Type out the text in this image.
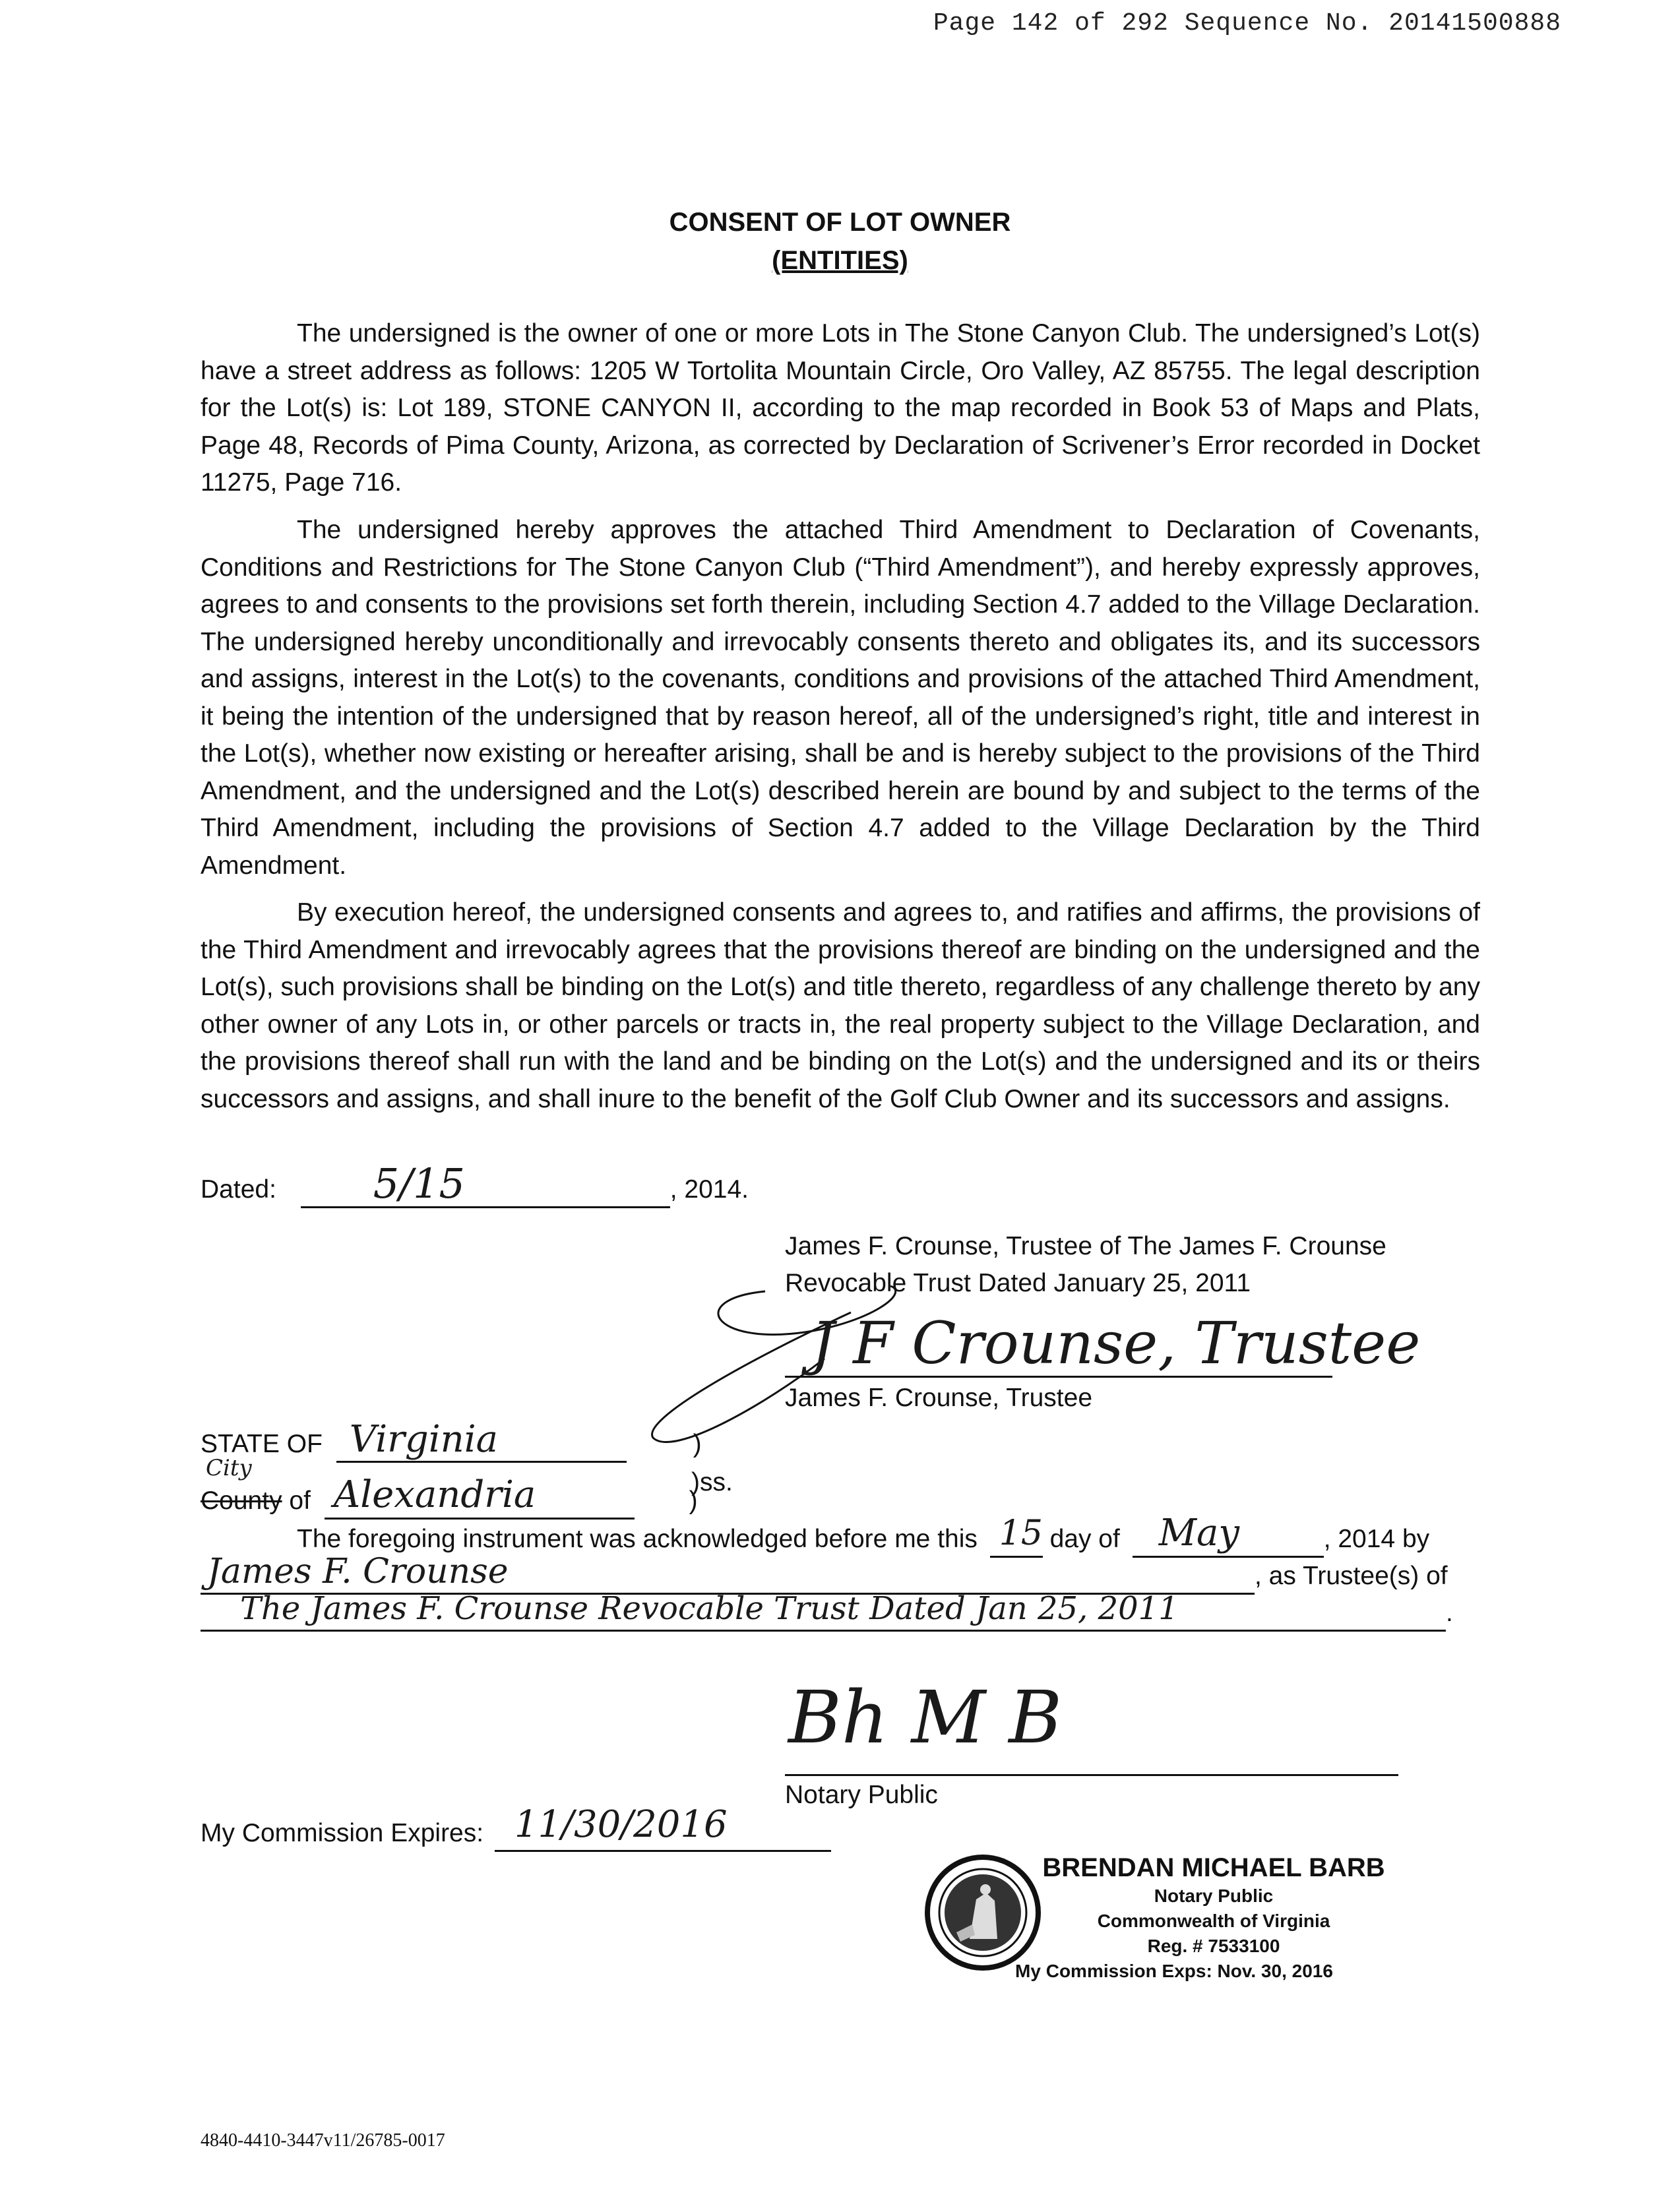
Page 142 of 292 Sequence No. 20141500888
CONSENT OF LOT OWNER
(ENTITIES)

The undersigned is the owner of one or more Lots in The Stone Canyon Club. The undersigned’s Lot(s) have a street address as follows: 1205 W Tortolita Mountain Circle, Oro Valley, AZ 85755. The legal description for the Lot(s) is: Lot 189, STONE CANYON II, according to the map recorded in Book 53 of Maps and Plats, Page 48, Records of Pima County, Arizona, as corrected by Declaration of Scrivener’s Error recorded in Docket 11275, Page 716.

The undersigned hereby approves the attached Third Amendment to Declaration of Covenants, Conditions and Restrictions for The Stone Canyon Club (“Third Amendment”), and hereby expressly approves, agrees to and consents to the provisions set forth therein, including Section 4.7 added to the Village Declaration. The undersigned hereby unconditionally and irrevocably consents thereto and obligates its, and its successors and assigns, interest in the Lot(s) to the covenants, conditions and provisions of the attached Third Amendment, it being the intention of the undersigned that by reason hereof, all of the undersigned’s right, title and interest in the Lot(s), whether now existing or hereafter arising, shall be and is hereby subject to the provisions of the Third Amendment, and the undersigned and the Lot(s) described herein are bound by and subject to the terms of the Third Amendment, including the provisions of Section 4.7 added to the Village Declaration by the Third Amendment.

By execution hereof, the undersigned consents and agrees to, and ratifies and affirms, the provisions of the Third Amendment and irrevocably agrees that the provisions thereof are binding on the undersigned and the Lot(s), such provisions shall be binding on the Lot(s) and title thereto, regardless of any challenge thereto by any other owner of any Lots in, or other parcels or tracts in, the real property subject to the Village Declaration, and the provisions thereof shall run with the land and be binding on the Lot(s) and the undersigned and its or theirs successors and assigns, and shall inure to the benefit of the Golf Club Owner and its successors and assigns.

Dated: 5/15	, 2014.
James F. Crounse, Trustee of The James F. Crounse
Revocable Trust Dated January 25, 2011
J F Crounse, Trustee
James F. Crounse, Trustee
STATE OF Virginia	)
)ss.
City
County of Alexandria	)
The foregoing instrument was acknowledged before me this 15 day of May	, 2014 by
James F. Crounse	, as Trustee(s) of
The James F. Crounse Revocable Trust Dated Jan 25, 2011	.
Bh M B
Notary Public
My Commission Expires: 11/30/2016
BRENDAN MICHAEL BARB
Notary Public
Commonwealth of Virginia
Reg. # 7533100
My Commission Exps: Nov. 30, 2016
4840-4410-3447v11/26785-0017
